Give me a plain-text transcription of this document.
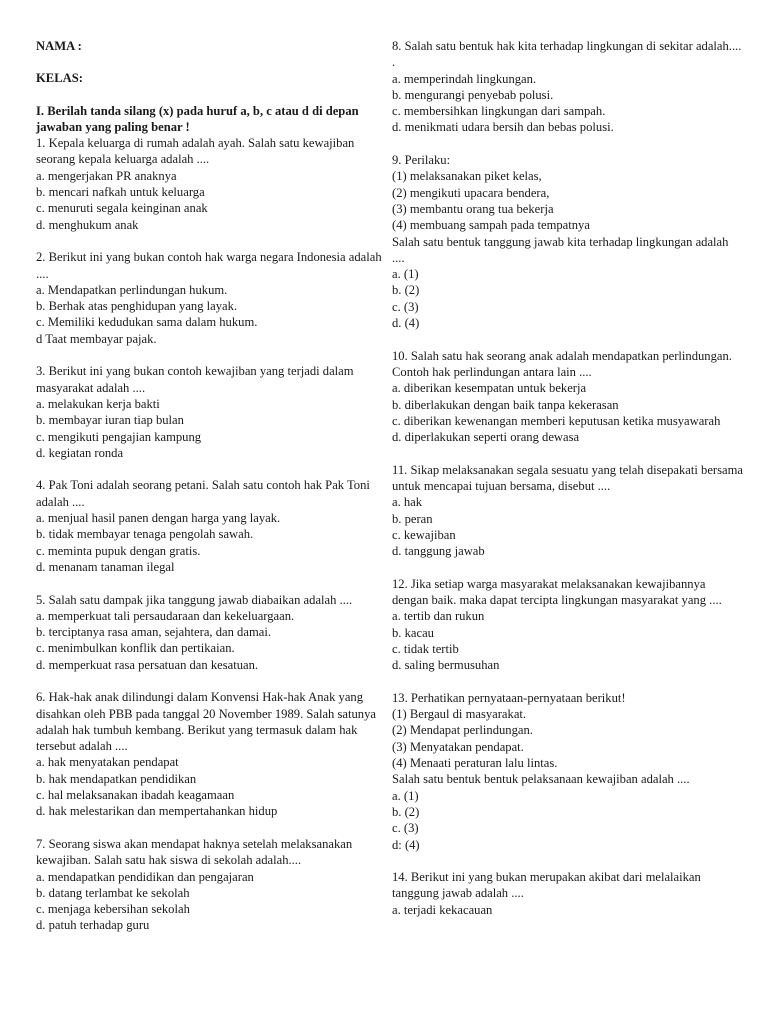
NAMA :
KELAS:
I. Berilah tanda silang (x) pada huruf a, b, c atau d di depan jawaban yang paling benar !
1. Kepala keluarga di rumah adalah ayah. Salah satu kewajiban seorang kepala keluarga adalah ....
a. mengerjakan PR anaknya
b. mencari nafkah untuk keluarga
c. menuruti segala keinginan anak
d. menghukum anak
2. Berikut ini yang bukan contoh hak warga negara Indonesia adalah ....
a. Mendapatkan perlindungan hukum.
b. Berhak atas penghidupan yang layak.
c. Memiliki kedudukan sama dalam hukum.
d Taat membayar pajak.
3. Berikut ini yang bukan contoh kewajiban yang terjadi dalam masyarakat adalah ....
a. melakukan kerja bakti
b. membayar iuran tiap bulan
c. mengikuti pengajian kampung
d. kegiatan ronda
4. Pak Toni adalah seorang petani. Salah satu contoh hak Pak Toni adalah ....
a. menjual hasil panen dengan harga yang layak.
b. tidak membayar tenaga pengolah sawah.
c. meminta pupuk dengan gratis.
d. menanam tanaman ilegal
5. Salah satu dampak jika tanggung jawab diabaikan adalah ....
a. memperkuat tali persaudaraan dan kekeluargaan.
b. terciptanya rasa aman, sejahtera, dan damai.
c. menimbulkan konflik dan pertikaian.
d. memperkuat rasa persatuan dan kesatuan.
6. Hak-hak anak dilindungi dalam Konvensi Hak-hak Anak yang disahkan oleh PBB pada tanggal 20 November 1989. Salah satunya adalah hak tumbuh kembang. Berikut yang termasuk dalam hak tersebut adalah ....
a. hak menyatakan pendapat
b. hak mendapatkan pendidikan
c. hal melaksanakan ibadah keagamaan
d. hak melestarikan dan mempertahankan hidup
7. Seorang siswa akan mendapat haknya setelah melaksanakan kewajiban. Salah satu hak siswa di sekolah adalah....
a. mendapatkan pendidikan dan pengajaran
b. datang terlambat ke sekolah
c. menjaga kebersihan sekolah
d. patuh terhadap guru
8. Salah satu bentuk hak kita terhadap lingkungan di sekitar adalah.... .
a. memperindah lingkungan.
b. mengurangi penyebab polusi.
c. membersihkan lingkungan dari sampah.
d. menikmati udara bersih dan bebas polusi.
9. Perilaku:
(1) melaksanakan piket kelas,
(2) mengikuti upacara bendera,
(3) membantu orang tua bekerja
(4) membuang sampah pada tempatnya
Salah satu bentuk tanggung jawab kita terhadap lingkungan adalah ....
a. (1)
b. (2)
c. (3)
d. (4)
10. Salah satu hak seorang anak adalah mendapatkan perlindungan. Contoh hak perlindungan antara lain ....
a. diberikan kesempatan untuk bekerja
b. diberlakukan dengan baik tanpa kekerasan
c. diberikan kewenangan memberi keputusan ketika musyawarah
d. diperlakukan seperti orang dewasa
11. Sikap melaksanakan segala sesuatu yang telah disepakati bersama untuk mencapai tujuan bersama, disebut ....
a. hak
b. peran
c. kewajiban
d. tanggung jawab
12. Jika setiap warga masyarakat melaksanakan kewajibannya dengan baik. maka dapat tercipta lingkungan masyarakat yang ....
a. tertib dan rukun
b. kacau
c. tidak tertib
d. saling bermusuhan
13. Perhatikan pernyataan-pernyataan berikut!
(1) Bergaul di masyarakat.
(2) Mendapat perlindungan.
(3) Menyatakan pendapat.
(4) Menaati peraturan lalu lintas.
Salah satu bentuk bentuk pelaksanaan kewajiban adalah ....
a. (1)
b. (2)
c. (3)
d: (4)
14. Berikut ini yang bukan merupakan akibat dari melalaikan tanggung jawab adalah ....
a. terjadi kekacauan
